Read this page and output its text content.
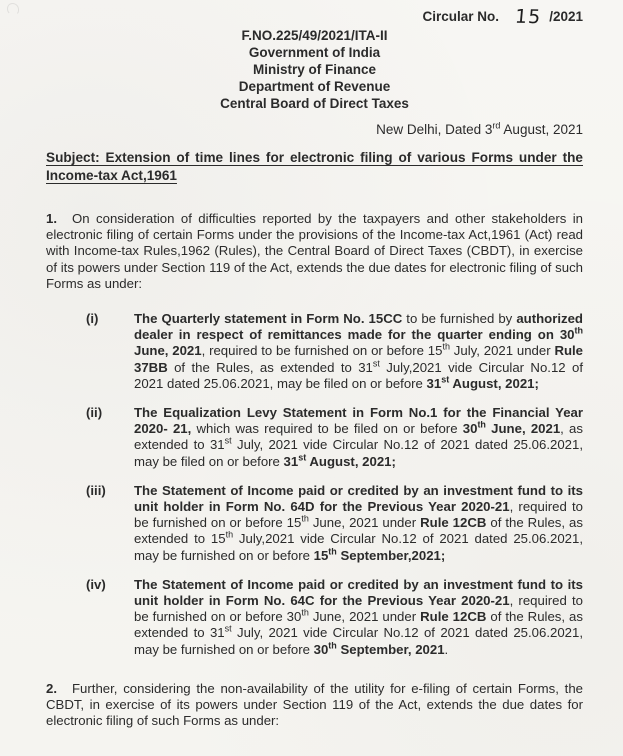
Circular No. 15 /2021
F.NO.225/49/2021/ITA-II
Government of India
Ministry of Finance
Department of Revenue
Central Board of Direct Taxes
New Delhi, Dated 3rd August, 2021
Subject: Extension of time lines for electronic filing of various Forms under the Income-tax Act,1961
1. On consideration of difficulties reported by the taxpayers and other stakeholders in electronic filing of certain Forms under the provisions of the Income-tax Act,1961 (Act) read with Income-tax Rules,1962 (Rules), the Central Board of Direct Taxes (CBDT), in exercise of its powers under Section 119 of the Act, extends the due dates for electronic filing of such Forms as under:
(i)	The Quarterly statement in Form No. 15CC to be furnished by authorized dealer in respect of remittances made for the quarter ending on 30th June, 2021, required to be furnished on or before 15th July, 2021 under Rule 37BB of the Rules, as extended to 31st July,2021 vide Circular No.12 of 2021 dated 25.06.2021, may be filed on or before 31st August, 2021;
(ii)	The Equalization Levy Statement in Form No.1 for the Financial Year 2020- 21, which was required to be filed on or before 30th June, 2021, as extended to 31st July, 2021 vide Circular No.12 of 2021 dated 25.06.2021, may be filed on or before 31st August, 2021;
(iii)	The Statement of Income paid or credited by an investment fund to its unit holder in Form No. 64D for the Previous Year 2020-21, required to be furnished on or before 15th June, 2021 under Rule 12CB of the Rules, as extended to 15th July,2021 vide Circular No.12 of 2021 dated 25.06.2021, may be furnished on or before 15th September,2021;
(iv)	The Statement of Income paid or credited by an investment fund to its unit holder in Form No. 64C for the Previous Year 2020-21, required to be furnished on or before 30th June, 2021 under Rule 12CB of the Rules, as extended to 31st July, 2021 vide Circular No.12 of 2021 dated 25.06.2021, may be furnished on or before 30th September, 2021.
2. Further, considering the non-availability of the utility for e-filing of certain Forms, the CBDT, in exercise of its powers under Section 119 of the Act, extends the due dates for electronic filing of such Forms as under:
